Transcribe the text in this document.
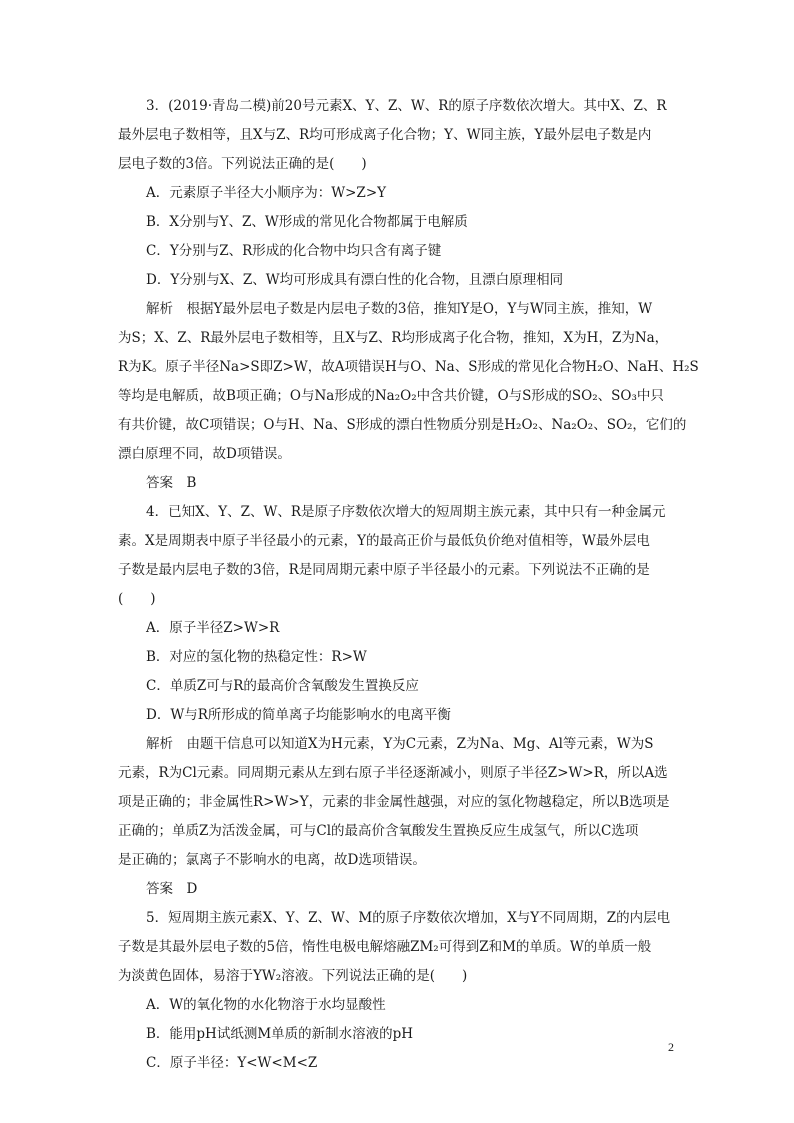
3．(2019·青岛二模)前20号元素X、Y、Z、W、R的原子序数依次增大。其中X、Z、R
最外层电子数相等，且X与Z、R均可形成离子化合物；Y、W同主族，Y最外层电子数是内
层电子数的3倍。下列说法正确的是(　　)
A．元素原子半径大小顺序为：W>Z>Y
B．X分别与Y、Z、W形成的常见化合物都属于电解质
C．Y分别与Z、R形成的化合物中均只含有离子键
D．Y分别与X、Z、W均可形成具有漂白性的化合物，且漂白原理相同
解析　根据Y最外层电子数是内层电子数的3倍，推知Y是O，Y与W同主族，推知，W
为S；X、Z、R最外层电子数相等，且X与Z、R均形成离子化合物，推知，X为H，Z为Na，
R为K。原子半径Na>S即Z>W，故A项错误H与O、Na、S形成的常见化合物H₂O、NaH、H₂S
等均是电解质，故B项正确；O与Na形成的Na₂O₂中含共价键，O与S形成的SO₂、SO₃中只
有共价键，故C项错误；O与H、Na、S形成的漂白性物质分别是H₂O₂、Na₂O₂、SO₂，它们的
漂白原理不同，故D项错误。
答案　B
4．已知X、Y、Z、W、R是原子序数依次增大的短周期主族元素，其中只有一种金属元
素。X是周期表中原子半径最小的元素，Y的最高正价与最低负价绝对值相等，W最外层电
子数是最内层电子数的3倍，R是同周期元素中原子半径最小的元素。下列说法不正确的是
(　　)
A．原子半径Z>W>R
B．对应的氢化物的热稳定性：R>W
C．单质Z可与R的最高价含氧酸发生置换反应
D．W与R所形成的简单离子均能影响水的电离平衡
解析　由题干信息可以知道X为H元素，Y为C元素，Z为Na、Mg、Al等元素，W为S
元素，R为Cl元素。同周期元素从左到右原子半径逐渐减小，则原子半径Z>W>R，所以A选
项是正确的；非金属性R>W>Y，元素的非金属性越强，对应的氢化物越稳定，所以B选项是
正确的；单质Z为活泼金属，可与Cl的最高价含氧酸发生置换反应生成氢气，所以C选项
是正确的；氯离子不影响水的电离，故D选项错误。
答案　D
5．短周期主族元素X、Y、Z、W、M的原子序数依次增加，X与Y不同周期，Z的内层电
子数是其最外层电子数的5倍，惰性电极电解熔融ZM₂可得到Z和M的单质。W的单质一般
为淡黄色固体，易溶于YW₂溶液。下列说法正确的是(　　)
A．W的氧化物的水化物溶于水均显酸性
B．能用pH试纸测M单质的新制水溶液的pH
C．原子半径：Y<W<M<Z
2
